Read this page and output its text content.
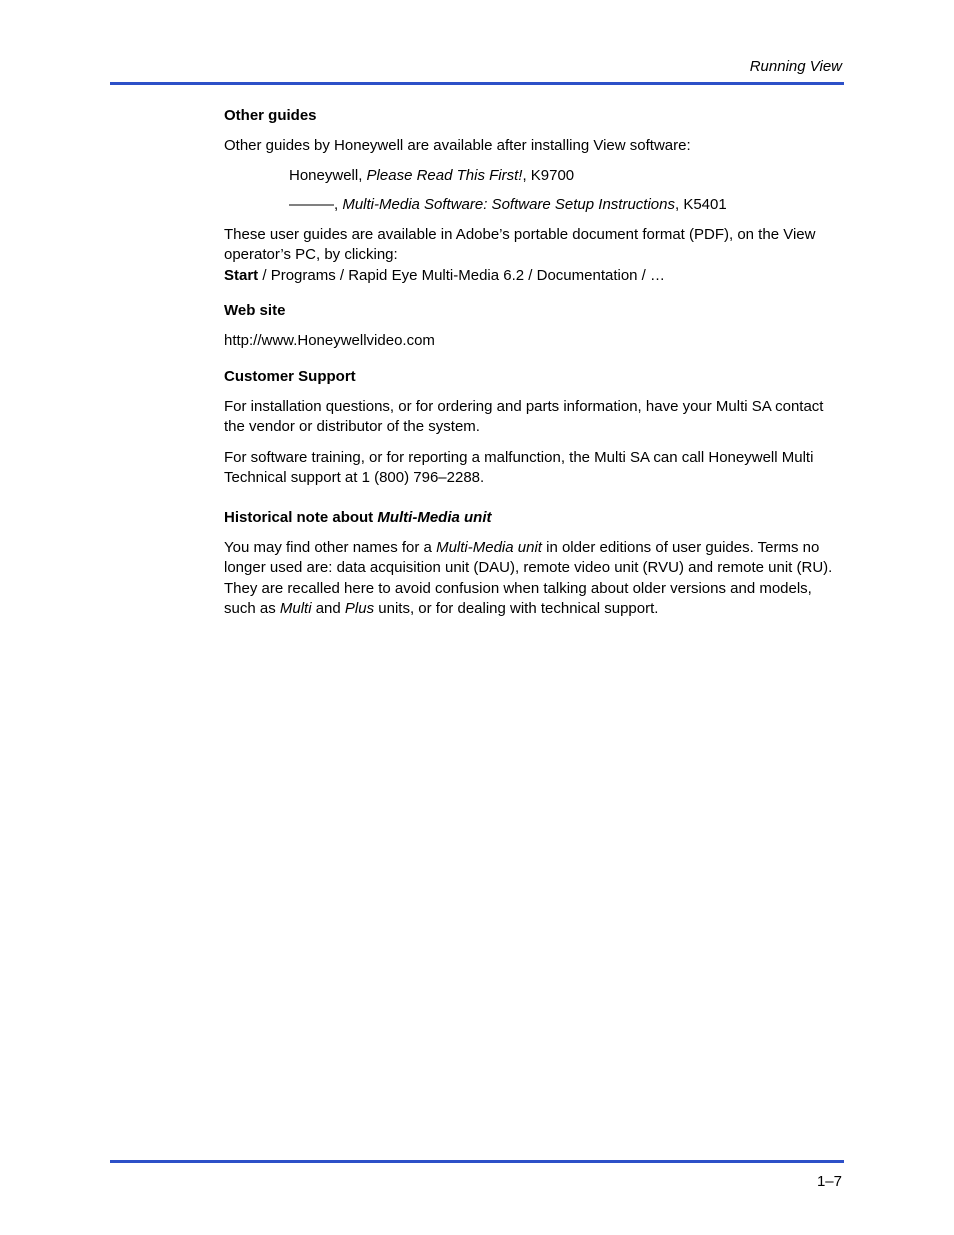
Running View
Other guides

Other guides by Honeywell are available after installing View software:

Honeywell, Please Read This First!, K9700

———, Multi-Media Software: Software Setup Instructions, K5401

These user guides are available in Adobe’s portable document format (PDF), on the View operator’s PC, by clicking:

Start / Programs / Rapid Eye Multi-Media 6.2 / Documentation / …

Web site

http://www.Honeywellvideo.com

Customer Support

For installation questions, or for ordering and parts information, have your Multi SA contact the vendor or distributor of the system.

For software training, or for reporting a malfunction, the Multi SA can call Honeywell Multi Technical support at 1 (800) 796–2288.

Historical note about Multi-Media unit

You may find other names for a Multi-Media unit in older editions of user guides. Terms no longer used are: data acquisition unit (DAU), remote video unit (RVU) and remote unit (RU). They are recalled here to avoid confusion when talking about older versions and models, such as Multi and Plus units, or for dealing with technical support.

1–7
